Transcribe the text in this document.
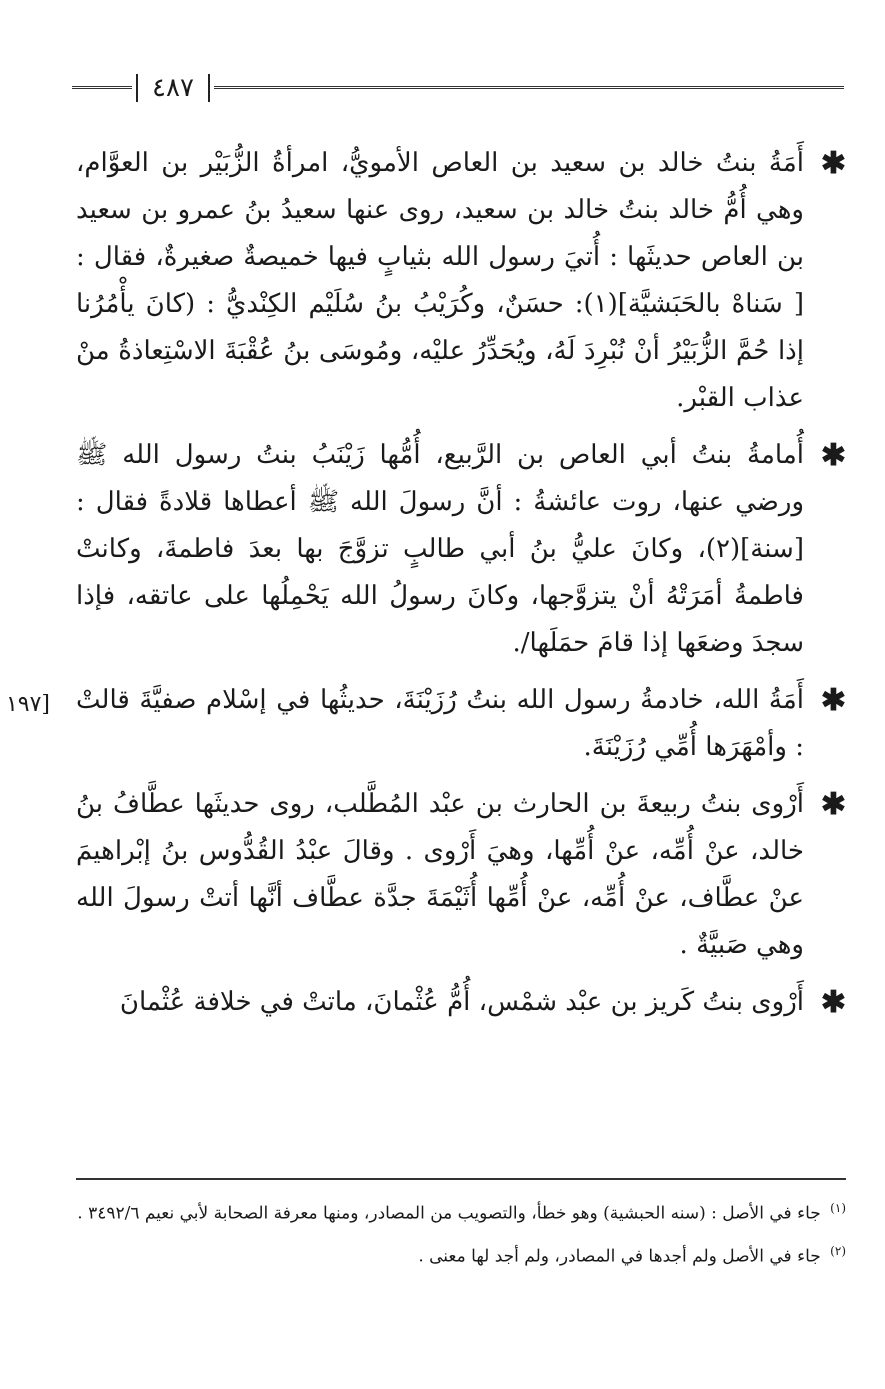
٤٨٧
[١٩٧
✱
أَمَةُ بنتُ خالد بن سعيد بن العاص الأمويُّ، امرأةُ الزُّبَيْر بن العوَّام، وهي أُمُّ خالد بنتُ خالد بن سعيد، روى عنها سعيدُ بنُ عمرو بن سعيد بن العاص حديثَها : أُتيَ رسول الله بثيابٍ فيها خميصةٌ صغيرةٌ، فقال :[ سَناهْ بالحَبَشيَّة](١): حسَنٌ، وكُرَيْبُ بنُ سُلَيْم الكِنْديُّ : (كانَ يأْمُرُنا إذا حُمَّ الزُّبَيْرُ أنْ نُبْرِدَ لَهُ، ويُحَدِّرُ عليْه، ومُوسَى بنُ عُقْبَةَ الاسْتِعاذةُ منْ عذاب القبْر.
✱
أُمامةُ بنتُ أبي العاص بن الرَّبيع، أُمُّها زَيْنَبُ بنتُ رسول الله ﷺ ورضي عنها، روت عائشةُ : أنَّ رسولَ الله ﷺ أعطاها قلادةً فقال : [سنة](٢)، وكانَ عليُّ بنُ أبي طالبٍ تزوَّجَ بها بعدَ فاطمةَ، وكانتْ فاطمةُ أمَرَتْهُ أنْ يتزوَّجها، وكانَ رسولُ الله يَحْمِلُها على عاتقه، فإذا سجدَ وضعَها إذا قامَ حمَلَها/.
✱
أَمَةُ الله، خادمةُ رسول الله بنتُ رُزَيْنَةَ، حديثُها في إسْلام صفيَّةَ قالتْ : وأمْهَرَها أُمِّي رُزَيْنَةَ.
✱
أَرْوى بنتُ ربيعةَ بن الحارث بن عبْد المُطَّلب، روى حديثَها عطَّافُ بنُ خالد، عنْ أُمِّه، عنْ أُمِّها، وهيَ أَرْوى . وقالَ عبْدُ القُدُّوس بنُ إبْراهيمَ عنْ عطَّاف، عنْ أُمِّه، عنْ أُمِّها أُثَيْمَةَ جدَّة عطَّاف أنَّها أتتْ رسولَ الله وهي صَبيَّةٌ .
✱
أَرْوى بنتُ كَريز بن عبْد شمْس، أُمُّ عُثْمانَ، ماتتْ في خلافة عُثْمانَ
$^{(١)}$ جاء في الأصل : (سنه الحبشية) وهو خطأ، والتصويب من المصادر، ومنها معرفة الصحابة لأبي نعيم ٣٤٩٢/٦ .
$^{(٢)}$ جاء في الأصل ولم أجدها في المصادر، ولم أجد لها معنى .
